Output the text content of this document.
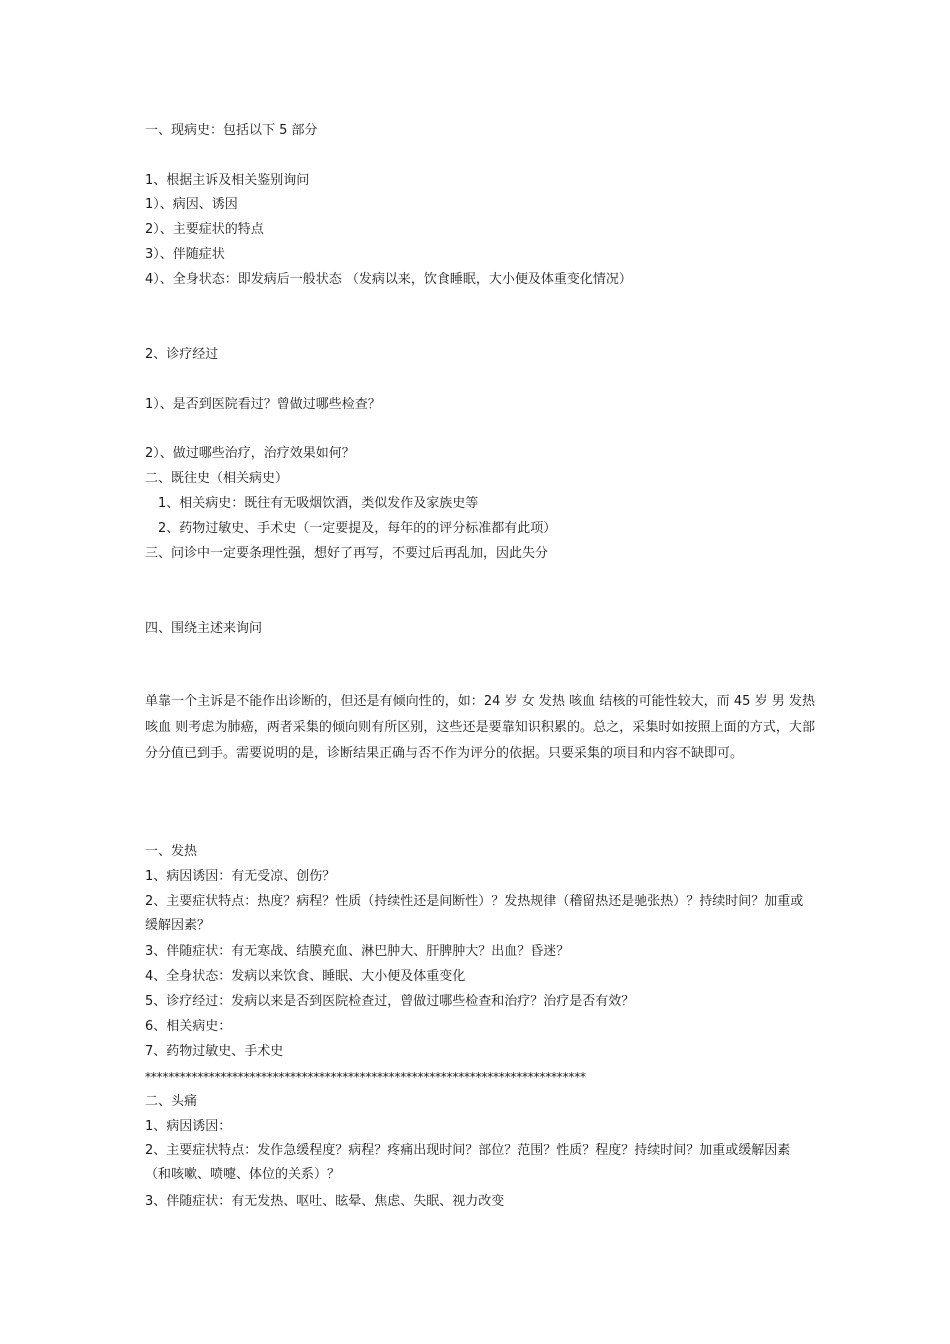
一、现病史：包括以下 5 部分

1、根据主诉及相关鉴别询问

1）、病因、诱因

2）、主要症状的特点

3）、伴随症状

4）、全身状态：即发病后一般状态 （发病以来，饮食睡眠，大小便及体重变化情况）

2、诊疗经过

1）、是否到医院看过？曾做过哪些检查？

2）、做过哪些治疗，治疗效果如何？

二、既往史（相关病史）

1、相关病史：既往有无吸烟饮酒，类似发作及家族史等

2、药物过敏史、手术史（一定要提及，每年的的评分标准都有此项）

三、问诊中一定要条理性强，想好了再写，不要过后再乱加，因此失分

四、围绕主述来询问

单靠一个主诉是不能作出诊断的，但还是有倾向性的，如：24 岁 女 发热 咳血 结核的可能性较大，而 45 岁 男 发热 咳血 则考虑为肺癌，两者采集的倾向则有所区别，这些还是要靠知识积累的。总之，采集时如按照上面的方式，大部分分值已到手。需要说明的是，诊断结果正确与否不作为评分的依据。只要采集的项目和内容不缺即可。

一、发热

1、病因诱因：有无受凉、创伤？

2、主要症状特点：热度？病程？性质（持续性还是间断性）？发热规律（稽留热还是驰张热）？持续时间？加重或缓解因素？

3、伴随症状：有无寒战、结膜充血、淋巴肿大、肝脾肿大？出血？昏迷？

4、全身状态：发病以来饮食、睡眠、大小便及体重变化

5、诊疗经过：发病以来是否到医院检查过，曾做过哪些检查和治疗？治疗是否有效？

6、相关病史：

7、药物过敏史、手术史

****************************************************************************

二、头痛

1、病因诱因：

2、主要症状特点：发作急缓程度？病程？疼痛出现时间？部位？范围？性质？程度？持续时间？加重或缓解因素（和咳嗽、喷嚏、体位的关系）？

3、伴随症状：有无发热、呕吐、眩晕、焦虑、失眠、视力改变
